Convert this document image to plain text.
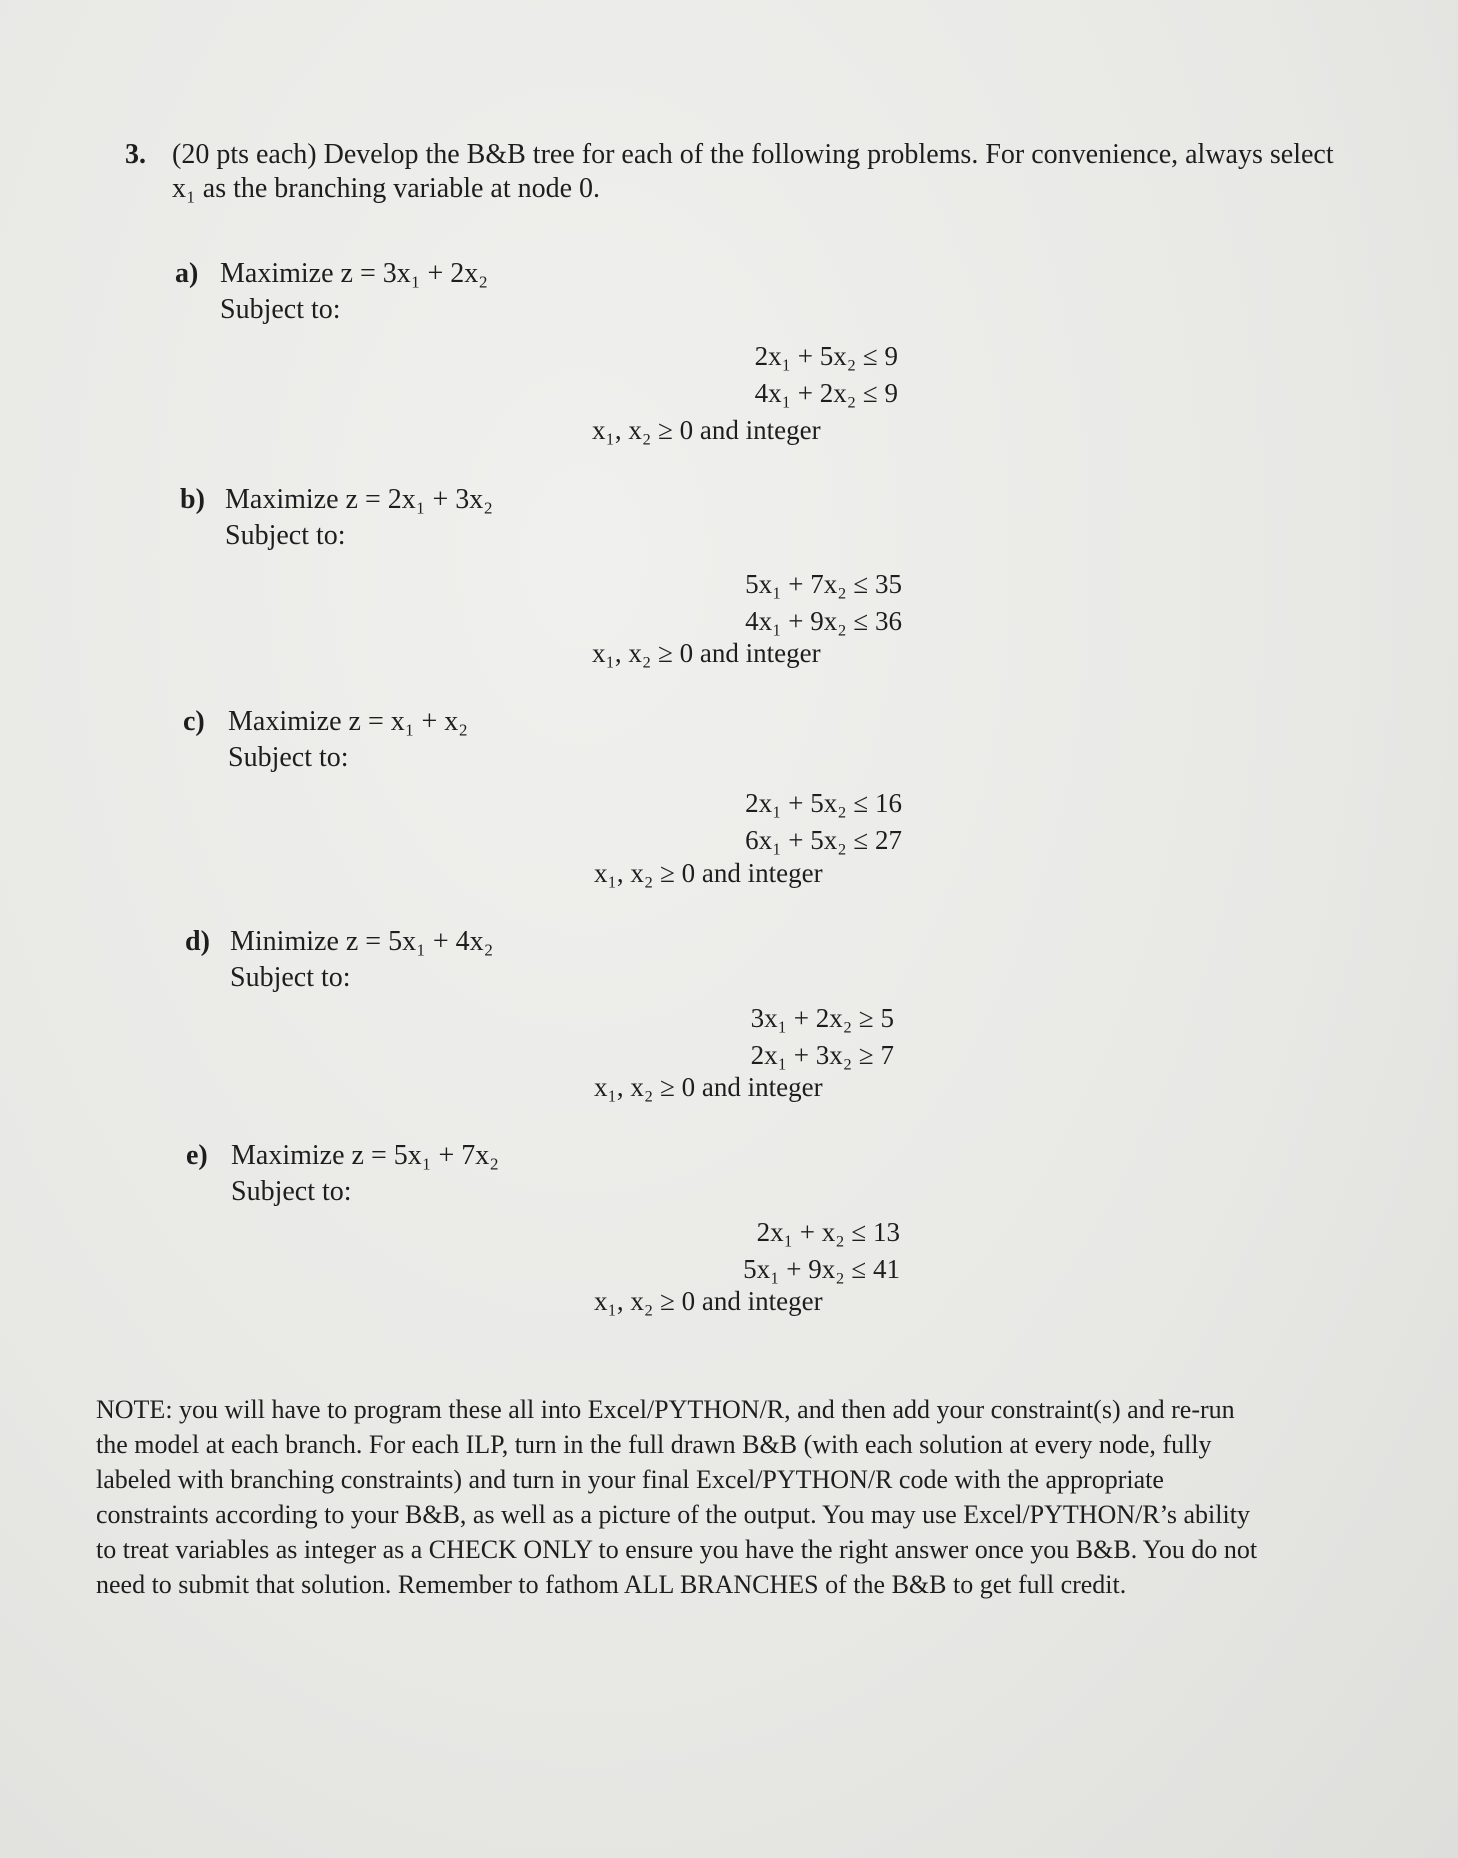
3. (20 pts each) Develop the B&B tree for each of the following problems. For convenience, always select
x₁ as the branching variable at node 0.
a) Maximize z = 3x₁ + 2x₂
Subject to:
2x₁ + 5x₂ ≤ 9
4x₁ + 2x₂ ≤ 9
x₁, x₂ ≥ 0 and integer
b) Maximize z = 2x₁ + 3x₂
Subject to:
5x₁ + 7x₂ ≤ 35
4x₁ + 9x₂ ≤ 36
x₁, x₂ ≥ 0 and integer
c) Maximize z = x₁ + x₂
Subject to:
2x₁ + 5x₂ ≤ 16
6x₁ + 5x₂ ≤ 27
x₁, x₂ ≥ 0 and integer
d) Minimize z = 5x₁ + 4x₂
Subject to:
3x₁ + 2x₂ ≥ 5
2x₁ + 3x₂ ≥ 7
x₁, x₂ ≥ 0 and integer
e) Maximize z = 5x₁ + 7x₂
Subject to:
2x₁ + x₂ ≤ 13
5x₁ + 9x₂ ≤ 41
x₁, x₂ ≥ 0 and integer
NOTE: you will have to program these all into Excel/PYTHON/R, and then add your constraint(s) and re-run
the model at each branch. For each ILP, turn in the full drawn B&B (with each solution at every node, fully
labeled with branching constraints) and turn in your final Excel/PYTHON/R code with the appropriate
constraints according to your B&B, as well as a picture of the output. You may use Excel/PYTHON/R’s ability
to treat variables as integer as a CHECK ONLY to ensure you have the right answer once you B&B. You do not
need to submit that solution. Remember to fathom ALL BRANCHES of the B&B to get full credit.
